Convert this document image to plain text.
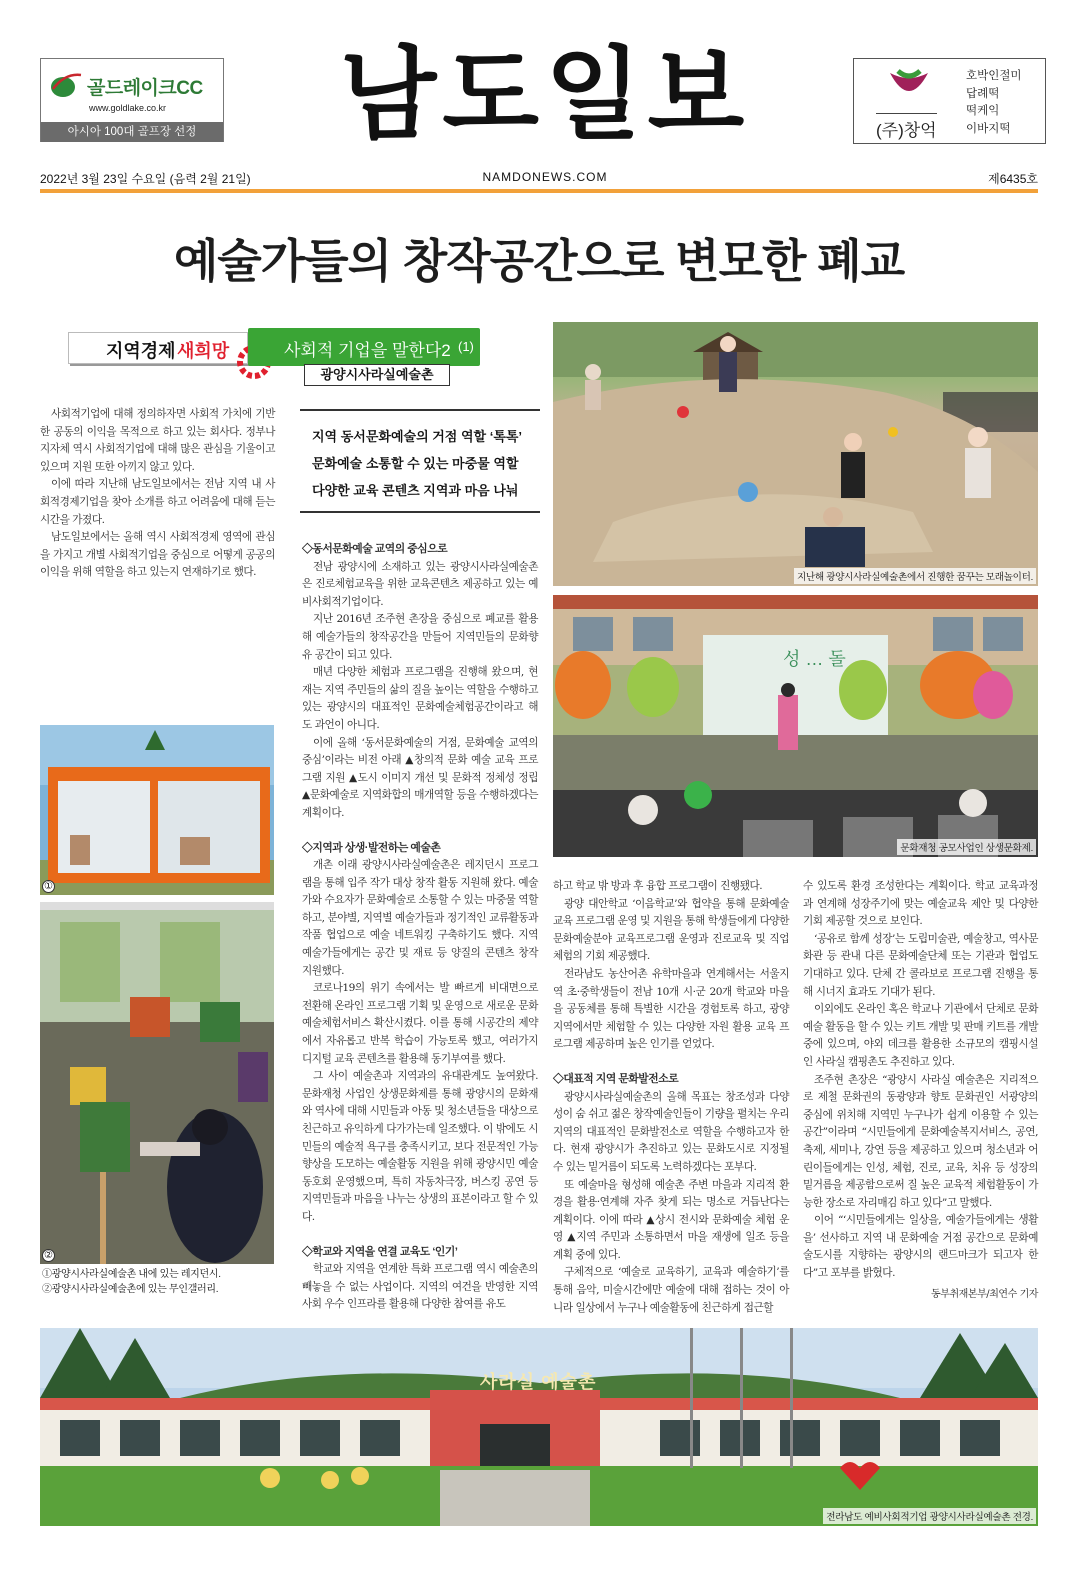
골드레이크CC
www.goldlake.co.kr
아시아 100대 골프장 선정 남도일보	(주)창억
호박인절미
답례떡
떡케익
이바지떡
2022년 3월 23일 수요일 (음력 2월 21일)	NAMDONEWS.COM	제6435호
예술가들의 창작공간으로 변모한 폐교
지역경제 새희망	사회적 기업을 말한다2 (1)
광양시사라실예술촌

사회적기업에 대해 정의하자면 사회적 가치에 기반한 공동의 이익을 목적으로 하고 있는 회사다. 정부나 지자체 역시 사회적기업에 대해 많은 관심을 기울이고 있으며 지원 또한 아끼지 않고 있다.

이에 따라 지난해 남도일보에서는 전남 지역 내 사회적경제기업을 찾아 소개를 하고 어려움에 대해 듣는 시간을 가졌다.

남도일보에서는 올해 역시 사회적경제 영역에 관심을 가지고 개별 사회적기업을 중심으로 어떻게 공공의 이익을 위해 역할을 하고 있는지 연재하기로 했다.

지역 동서문화예술의 거점 역할 ‘톡톡’
문화예술 소통할 수 있는 마중물 역할
다양한 교육 콘텐츠 지역과 마음 나눠
◇동서문화예술 교역의 중심으로

전남 광양시에 소재하고 있는 광양시사라실예술촌은 진로체험교육을 위한 교육콘텐츠 제공하고 있는 예비사회적기업이다.

지난 2016년 조주현 촌장을 중심으로 폐교를 활용해 예술가들의 창작공간을 만들어 지역민들의 문화향유 공간이 되고 있다.

매년 다양한 체험과 프로그램을 진행해 왔으며, 현재는 지역 주민들의 삶의 질을 높이는 역할을 수행하고 있는 광양시의 대표적인 문화예술체험공간이라고 해도 과언이 아니다.

이에 올해 ‘동서문화예술의 거점, 문화예술 교역의 중심’이라는 비전 아래 ▲창의적 문화 예술 교육 프로그램 지원 ▲도시 이미지 개선 및 문화적 정체성 정립 ▲문화예술로 지역화합의 매개역할 등을 수행하겠다는 계획이다.

◇지역과 상생·발전하는 예술촌

개촌 이래 광양시사라실예술촌은 레지던시 프로그램을 통해 입주 작가 대상 창작 활동 지원해 왔다. 예술가와 수요자가 문화예술로 소통할 수 있는 마중물 역할하고, 분야별, 지역별 예술가들과 정기적인 교류활동과 작품 협업으로 예술 네트워킹 구축하기도 했다. 지역 예술가들에게는 공간 및 재료 등 양질의 콘텐츠 창작 지원했다.

코로나19의 위기 속에서는 발 빠르게 비대면으로 전환해 온라인 프로그램 기획 및 운영으로 새로운 문화예술체험서비스 확산시켰다. 이를 통해 시공간의 제약에서 자유롭고 반복 학습이 가능토록 했고, 여러가지 디지털 교육 콘텐츠를 활용해 동기부여를 했다.

그 사이 예술촌과 지역과의 유대관계도 높여왔다. 문화재청 사업인 상생문화제를 통해 광양시의 문화재와 역사에 대해 시민들과 아동 및 청소년들을 대상으로 친근하고 유익하게 다가가는데 일조했다. 이 밖에도 시민들의 예술적 욕구를 충족시키고, 보다 전문적인 가능향상을 도모하는 예술활동 지원을 위해 광양시민 예술동호회 운영했으며, 특히 자동차극장, 버스킹 공연 등 지역민들과 마음을 나누는 상생의 표본이라고 할 수 있다.

◇학교와 지역을 연결 교육도 ‘인기’

학교와 지역을 연계한 특화 프로그램 역시 예술촌의 빼놓을 수 없는 사업이다. 지역의 여건을 반영한 지역사회 우수 인프라를 활용해 다양한 참여를 유도

지난해 광양시사라실예술촌에서 진행한 꿈꾸는 모래놀이터.
성 … 돌
문화재청 공모사업인 상생문화제.
①
②
①광양시사라실예술촌 내에 있는 레지던시.
②광양시사라실예술촌에 있는 무인갤러리.

하고 학교 밖 방과 후 융합 프로그램이 진행됐다.

광양 대안학교 ‘이음학교’와 협약을 통해 문화예술 교육 프로그램 운영 및 지원을 통해 학생들에게 다양한 문화예술분야 교육프로그램 운영과 진로교육 및 직업 체험의 기회 제공했다.

전라남도 농산어촌 유학마을과 연계해서는 서울지역 초·중학생들이 전남 10개 시·군 20개 학교와 마을을 공동체를 통해 특별한 시간을 경험토록 하고, 광양지역에서만 체험할 수 있는 다양한 자원 활용 교육 프로그램 제공하며 높은 인기를 얻었다.

◇대표적 지역 문화발전소로

광양시사라실예술촌의 올해 목표는 창조성과 다양성이 숨 쉬고 젊은 창작예술인들이 기량을 펼치는 우리 지역의 대표적인 문화발전소로 역할을 수행하고자 한다. 현재 광양시가 추진하고 있는 문화도시로 지정될 수 있는 밑거름이 되도록 노력하겠다는 포부다.

또 예술마을 형성해 예술촌 주변 마을과 지리적 환경을 활용·연계해 자주 찾게 되는 명소로 거듭난다는 계획이다. 이에 따라 ▲상시 전시와 문화예술 체험 운영 ▲지역 주민과 소통하면서 마을 재생에 일조 등을 계획 중에 있다.

구체적으로 ‘예술로 교육하기, 교육과 예술하기’를 통해 음악, 미술시간에만 예술에 대해 접하는 것이 아니라 일상에서 누구나 예술활동에 친근하게 접근할

수 있도록 환경 조성한다는 계획이다. 학교 교육과정과 연계해 성장주기에 맞는 예술교육 제안 및 다양한 기회 제공할 것으로 보인다.

‘공유로 함께 성장’는 도립미술관, 예술창고, 역사문화관 등 관내 다른 문화예술단체 또는 기관과 협업도 기대하고 있다. 단체 간 콜라보로 프로그램 진행을 통해 시너지 효과도 기대가 된다.

이외에도 온라인 혹은 학교나 기관에서 단체로 문화예술 활동을 할 수 있는 키트 개발 및 판매 키트를 개발 중에 있으며, 야외 데크를 활용한 소규모의 캠핑시설인 사라실 캠핑촌도 추진하고 있다.

조주현 촌장은 “광양시 사라실 예술촌은 지리적으로 제철 문화권의 동광양과 향토 문화권인 서광양의 중심에 위치해 지역민 누구나가 쉽게 이용할 수 있는 공간”이라며 “시민들에게 문화예술복지서비스, 공연, 축제, 세미나, 강연 등을 제공하고 있으며 청소년과 어린이들에게는 인성, 체험, 진로, 교육, 치유 등 성장의 밑거름을 제공함으로써 질 높은 교육적 체험활동이 가능한 장소로 자리매김 하고 있다”고 말했다.

이어 “‘시민들에게는 일상을, 예술가들에게는 생활을’ 선사하고 지역 내 문화예술 거점 공간으로 문화예술도시를 지향하는 광양시의 랜드마크가 되고자 한다”고 포부를 밝혔다.

동부취재본부/최연수 기자
사라실 예술촌
전라남도 예비사회적기업 광양시사라실예술촌 전경.
